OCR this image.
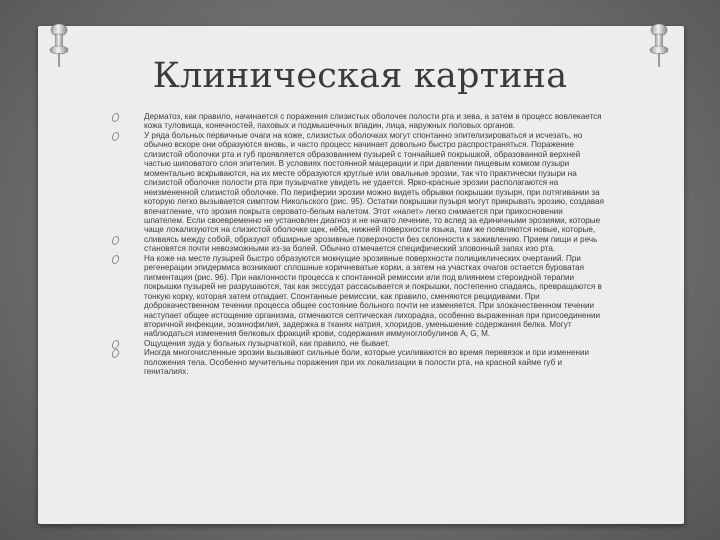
Клиническая картина
Дерматоз, как правило, начинается с поражения слизистых оболочек полости рта и зева, а затем в процесс вовлекается кожа туловища, конечностей, паховых и подмышечных впадин, лица, наружных половых органов.
У ряда больных первичные очаги на коже, слизистых оболочках могут спонтанно эпителизироваться и исчезать, но обычно вскоре они образуются вновь, и часто процесс начинает довольно быстро распространяться. Поражение слизистой оболочки рта и губ проявляется образованием пузырей с тончайшей покрышкой, образованной верхней частью шиповатого слоя эпителия. В условиях постоянной мацерации и при давлении пищевым комком пузыри моментально вскрываются, на их месте образуются круглые или овальные эрозии, так что практически пузыри на слизистой оболочке полости рта при пузырчатке увидеть не удается. Ярко-красные эрозии располагаются на неизмененной слизистой оболочке. По периферии эрозии можно видеть обрывки покрышки пузыря, при потягивании за которую легко вызывается симптом Никольского (рис. 95). Остатки покрышки пузыря могут прикрывать эрозию, создавая впечатление, что эрозия покрыта серовато-белым налетом. Этот «налет» легко снимается при прикосновении шпателем. Если своевременно не установлен диагноз и не начато лечение, то вслед за единичными эрозиями, которые чаще локализуются на слизистой оболочке щек, нёба, нижней поверхности языка, там же появляются новые, которые,
сливаясь между собой, образуют обширные эрозивные поверхности без склонности к заживлению. Прием пищи и речь становятся почти невозможными из-за болей. Обычно отмечается специфический зловонный запах изо рта.
На коже на месте пузырей быстро образуются мокнущие эрозивные поверхности полициклических очертаний. При регенерации эпидермиса возникают сплошные коричневатые корки, а затем на участках очагов остается буроватая пигментация (рис. 96). При наклонности процесса к спонтанной ремиссии или под влиянием стероидной терапии покрышки пузырей не разрушаются, так как экссудат рассасывается и покрышки, постепенно спадаясь, превращаются в тонкую корку, которая затем отпадает. Спонтанные ремиссии, как правило, сменяются рецидивами. При доброкачественном течении процесса общее состояние больного почти не изменяется. При злокачественном течении наступает общее истощение организма, отмечаются септическая лихорадка, особенно выраженная при присоединении вторичной инфекции, эозинофилия, задержка в тканях натрия, хлоридов, уменьшение содержания белка. Могут наблюдаться изменения белковых фракций крови, содержания иммуноглобулинов A, G, M.
Ощущения зуда у больных пузырчаткой, как правило, не бывает.
Иногда многочисленные эрозии вызывают сильные боли, которые усиливаются во время перевязок и при изменении положения тела. Особенно мучительны поражения при их локализации в полости рта, на красной кайме губ и гениталиях.
